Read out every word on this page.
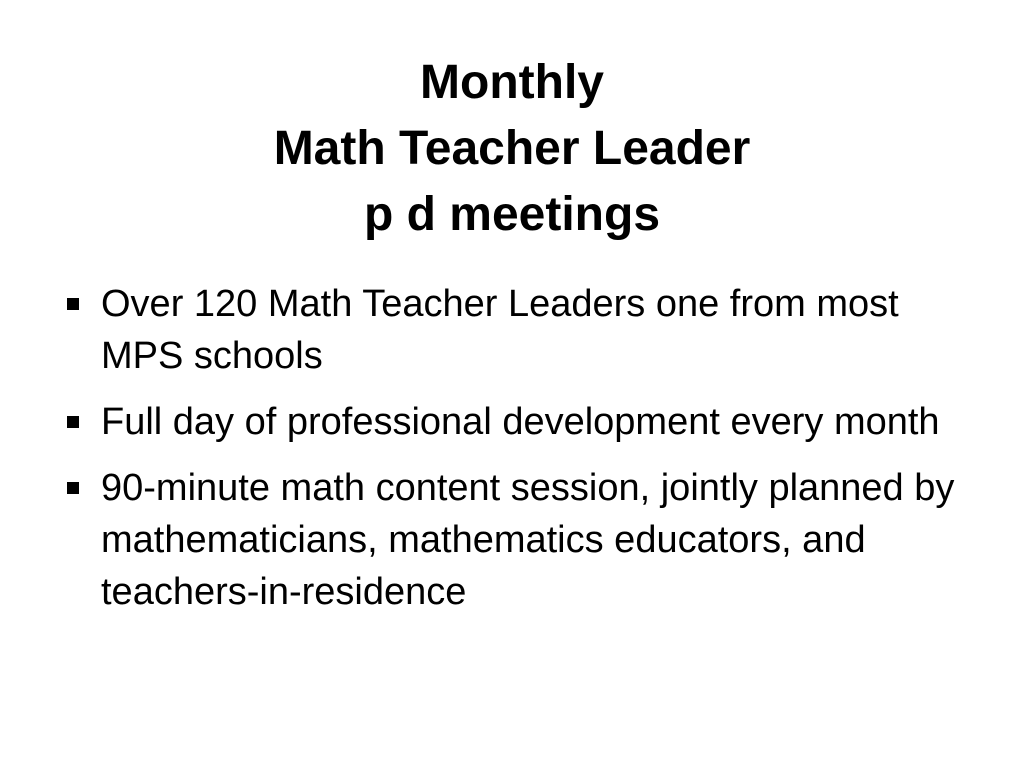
Monthly
Math Teacher Leader
p d meetings
Over 120 Math Teacher Leaders one from most MPS schools
Full day of professional development every month
90-minute math content session, jointly planned by mathematicians, mathematics educators, and teachers-in-residence
